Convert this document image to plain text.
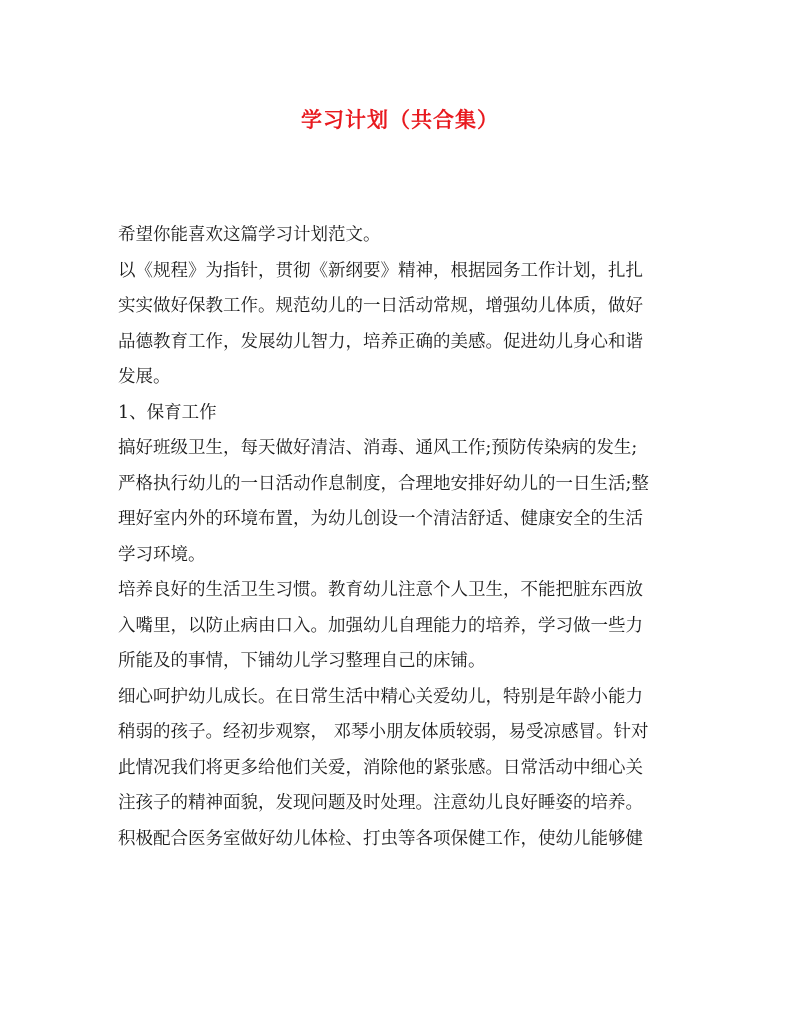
学习计划（共合集）
希望你能喜欢这篇学习计划范文。
以《规程》为指针，贯彻《新纲要》精神，根据园务工作计划，扎扎
实实做好保教工作。规范幼儿的一日活动常规，增强幼儿体质，做好
品德教育工作，发展幼儿智力，培养正确的美感。促进幼儿身心和谐
发展。
1、保育工作
搞好班级卫生，每天做好清洁、消毒、通风工作;预防传染病的发生;
严格执行幼儿的一日活动作息制度，合理地安排好幼儿的一日生活;整
理好室内外的环境布置，为幼儿创设一个清洁舒适、健康安全的生活
学习环境。
培养良好的生活卫生习惯。教育幼儿注意个人卫生，不能把脏东西放
入嘴里，以防止病由口入。加强幼儿自理能力的培养，学习做一些力
所能及的事情，下铺幼儿学习整理自己的床铺。
细心呵护幼儿成长。在日常生活中精心关爱幼儿，特别是年龄小能力
稍弱的孩子。经初步观察， 邓琴小朋友体质较弱，易受凉感冒。针对
此情况我们将更多给他们关爱，消除他的紧张感。日常活动中细心关
注孩子的精神面貌，发现问题及时处理。注意幼儿良好睡姿的培养。
积极配合医务室做好幼儿体检、打虫等各项保健工作，使幼儿能够健
